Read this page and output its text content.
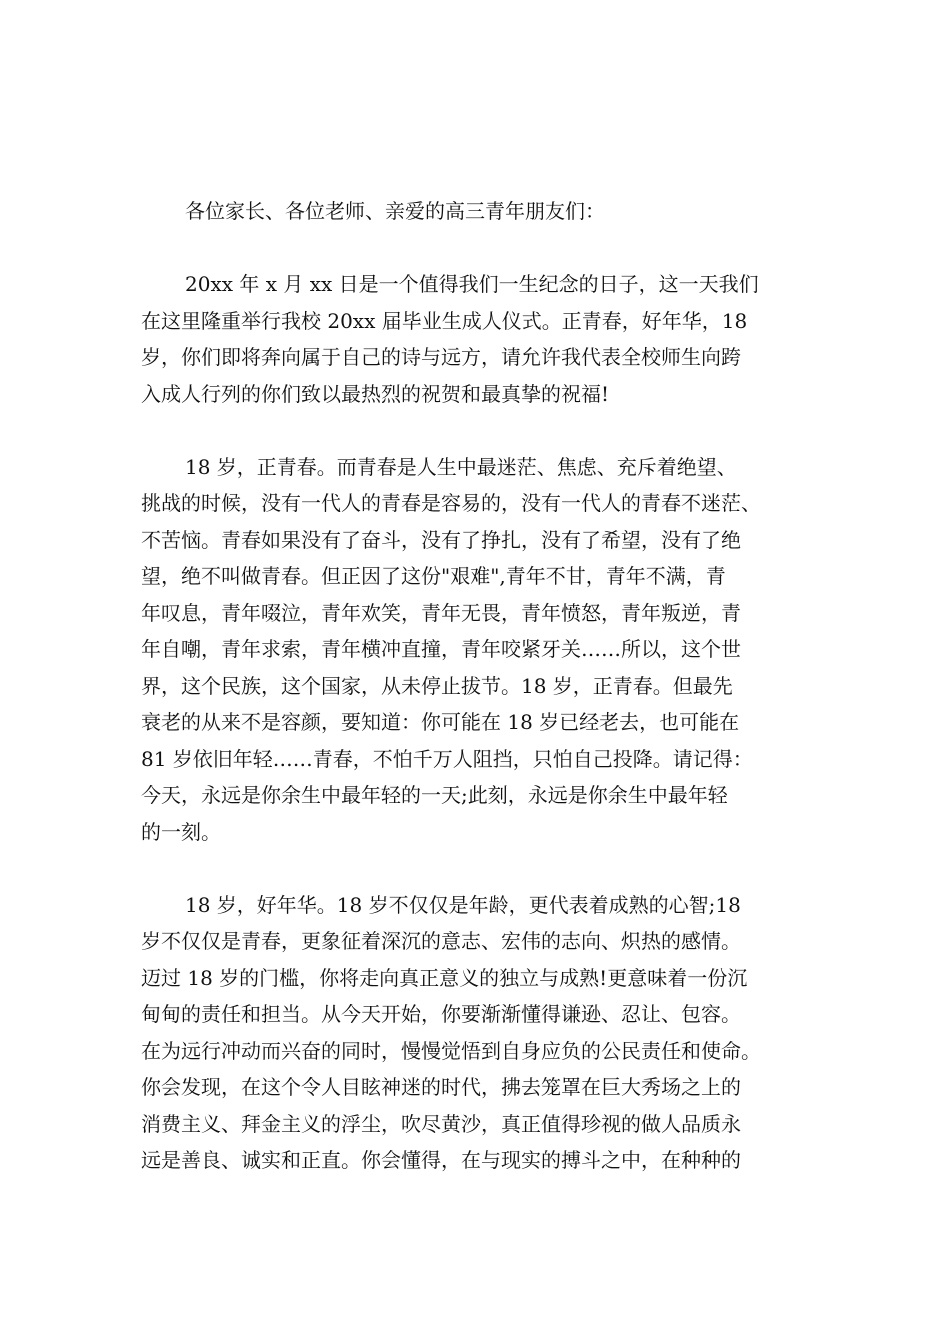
各位家长、各位老师、亲爱的高三青年朋友们：
20xx 年 x 月 xx 日是一个值得我们一生纪念的日子，这一天我们
在这里隆重举行我校 20xx 届毕业生成人仪式。正青春，好年华，18
岁，你们即将奔向属于自己的诗与远方，请允许我代表全校师生向跨
入成人行列的你们致以最热烈的祝贺和最真挚的祝福!
18 岁，正青春。而青春是人生中最迷茫、焦虑、充斥着绝望、
挑战的时候，没有一代人的青春是容易的，没有一代人的青春不迷茫、
不苦恼。青春如果没有了奋斗，没有了挣扎，没有了希望，没有了绝
望，绝不叫做青春。但正因了这份"艰难",青年不甘，青年不满，青
年叹息，青年啜泣，青年欢笑，青年无畏，青年愤怒，青年叛逆，青
年自嘲，青年求索，青年横冲直撞，青年咬紧牙关……所以，这个世
界，这个民族，这个国家，从未停止拔节。18 岁，正青春。但最先
衰老的从来不是容颜，要知道：你可能在 18 岁已经老去，也可能在
81 岁依旧年轻……青春，不怕千万人阻挡，只怕自己投降。请记得：
今天，永远是你余生中最年轻的一天;此刻，永远是你余生中最年轻
的一刻。
18 岁，好年华。18 岁不仅仅是年龄，更代表着成熟的心智;18
岁不仅仅是青春，更象征着深沉的意志、宏伟的志向、炽热的感情。
迈过 18 岁的门槛，你将走向真正意义的独立与成熟!更意味着一份沉
甸甸的责任和担当。从今天开始，你要渐渐懂得谦逊、忍让、包容。
在为远行冲动而兴奋的同时，慢慢觉悟到自身应负的公民责任和使命。
你会发现，在这个令人目眩神迷的时代，拂去笼罩在巨大秀场之上的
消费主义、拜金主义的浮尘，吹尽黄沙，真正值得珍视的做人品质永
远是善良、诚实和正直。你会懂得，在与现实的搏斗之中，在种种的
